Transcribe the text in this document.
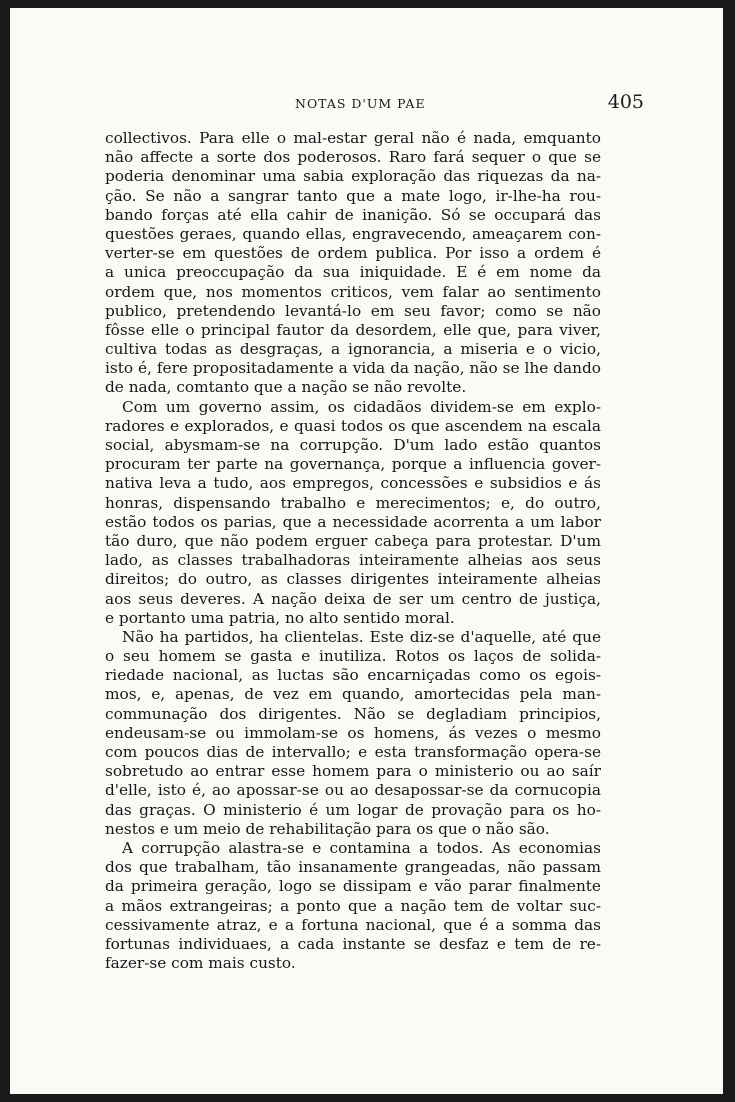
NOTAS D'UM PAE	405
collectivos. Para elle o mal-estar geral não é nada, emquanto
não affecte a sorte dos poderosos. Raro fará sequer o que se
poderia denominar uma sabia exploração das riquezas da na-
ção. Se não a sangrar tanto que a mate logo, ir-lhe-ha rou-
bando forças até ella cahir de inanição. Só se occupará das
questões geraes, quando ellas, engravecendo, ameaçarem con-
verter-se em questões de ordem publica. Por isso a ordem é
a unica preoccupação da sua iniquidade. E é em nome da
ordem que, nos momentos criticos, vem falar ao sentimento
publico, pretendendo levantá-lo em seu favor; como se não
fôsse elle o principal fautor da desordem, elle que, para viver,
cultiva todas as desgraças, a ignorancia, a miseria e o vicio,
isto é, fere propositadamente a vida da nação, não se lhe dando
de nada, comtanto que a nação se não revolte.
Com um governo assim, os cidadãos dividem-se em explo-
radores e explorados, e quasi todos os que ascendem na escala
social, abysmam-se na corrupção. D'um lado estão quantos
procuram ter parte na governança, porque a influencia gover-
nativa leva a tudo, aos empregos, concessões e subsidios e ás
honras, dispensando trabalho e merecimentos; e, do outro,
estão todos os parias, que a necessidade acorrenta a um labor
tão duro, que não podem erguer cabeça para protestar. D'um
lado, as classes trabalhadoras inteiramente alheias aos seus
direitos; do outro, as classes dirigentes inteiramente alheias
aos seus deveres. A nação deixa de ser um centro de justiça,
e portanto uma patria, no alto sentido moral.
Não ha partidos, ha clientelas. Este diz-se d'aquelle, até que
o seu homem se gasta e inutiliza. Rotos os laços de solida-
riedade nacional, as luctas são encarniçadas como os egois-
mos, e, apenas, de vez em quando, amortecidas pela man-
communação dos dirigentes. Não se degladiam principios,
endeusam-se ou immolam-se os homens, ás vezes o mesmo
com poucos dias de intervallo; e esta transformação opera-se
sobretudo ao entrar esse homem para o ministerio ou ao saír
d'elle, isto é, ao apossar-se ou ao desapossar-se da cornucopia
das graças. O ministerio é um logar de provação para os ho-
nestos e um meio de rehabilitação para os que o não são.
A corrupção alastra-se e contamina a todos. As economias
dos que trabalham, tão insanamente grangeadas, não passam
da primeira geração, logo se dissipam e vão parar finalmente
a mãos extrangeiras; a ponto que a nação tem de voltar suc-
cessivamente atraz, e a fortuna nacional, que é a somma das
fortunas individuaes, a cada instante se desfaz e tem de re-
fazer-se com mais custo.
